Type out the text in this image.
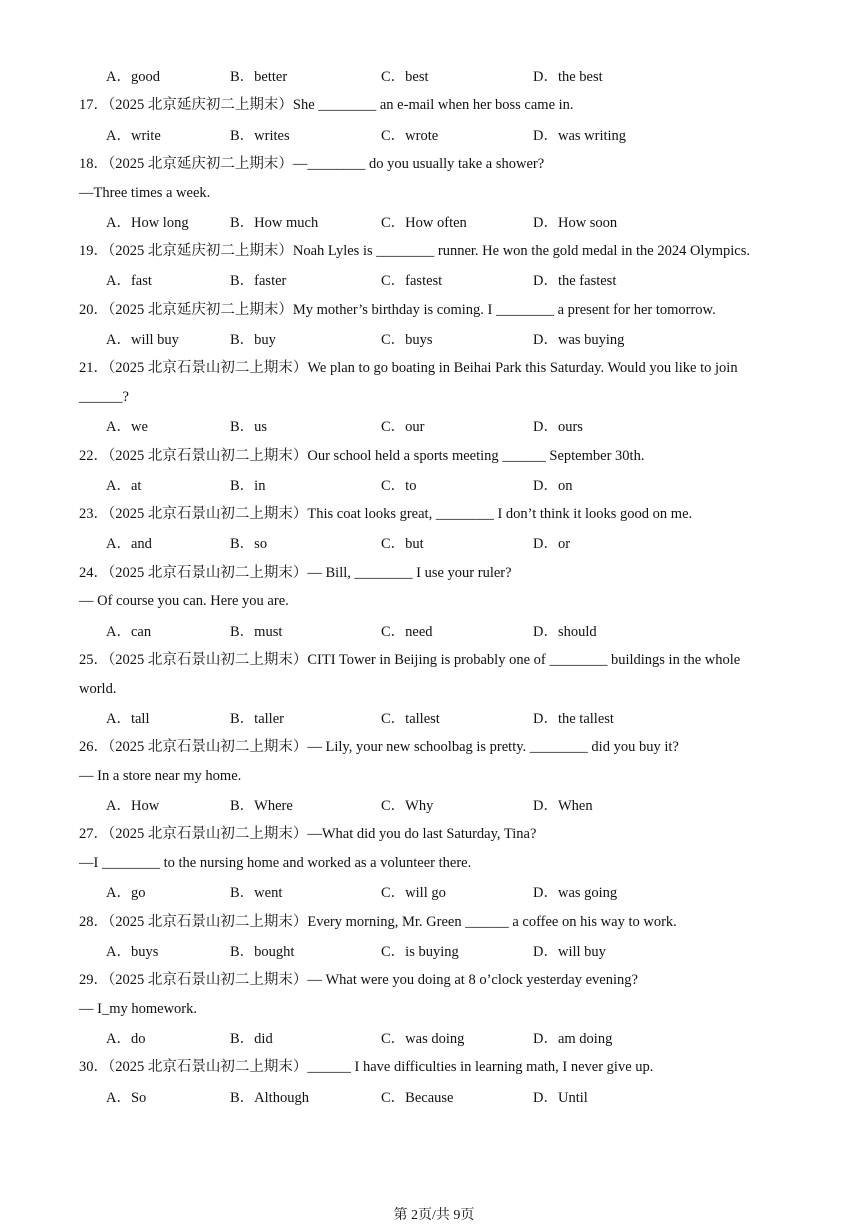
A．good	B．better	C．best	D．the best
17．（2025 北京延庆初二上期末）She ________ an e-mail when her boss came in.
A．write	B．writes	C．wrote	D．was writing
18．（2025 北京延庆初二上期末）—________ do you usually take a shower?
—Three times a week.
A．How long	B．How much	C．How often	D．How soon
19．（2025 北京延庆初二上期末）Noah Lyles is ________ runner. He won the gold medal in the 2024 Olympics.
A．fast	B．faster	C．fastest	D．the fastest
20．（2025 北京延庆初二上期末）My mother’s birthday is coming. I ________ a present for her tomorrow.
A．will buy	B．buy	C．buys	D．was buying
21．（2025 北京石景山初二上期末）We plan to go boating in Beihai Park this Saturday. Would you like to join
______?
A．we	B．us	C．our	D．ours
22．（2025 北京石景山初二上期末）Our school held a sports meeting ______ September 30th.
A．at	B．in	C．to	D．on
23．（2025 北京石景山初二上期末）This coat looks great, ________ I don’t think it looks good on me.
A．and	B．so	C．but	D．or
24．（2025 北京石景山初二上期末）— Bill, ________ I use your ruler?
— Of course you can. Here you are.
A．can	B．must	C．need	D．should
25．（2025 北京石景山初二上期末）CITI Tower in Beijing is probably one of ________ buildings in the whole
world.
A．tall	B．taller	C．tallest	D．the tallest
26．（2025 北京石景山初二上期末）— Lily, your new schoolbag is pretty. ________ did you buy it?
— In a store near my home.
A．How	B．Where	C．Why	D．When
27．（2025 北京石景山初二上期末）—What did you do last Saturday, Tina?
—I ________ to the nursing home and worked as a volunteer there.
A．go	B．went	C．will go	D．was going
28．（2025 北京石景山初二上期末）Every morning, Mr. Green ______ a coffee on his way to work.
A．buys	B．bought	C．is buying	D．will buy
29．（2025 北京石景山初二上期末）— What were you doing at 8 o’clock yesterday evening?
— I_my homework.
A．do	B．did	C．was doing	D．am doing
30．（2025 北京石景山初二上期末）______ I have difficulties in learning math, I never give up.
A．So	B．Although	C．Because	D．Until
第 2页/共 9页
